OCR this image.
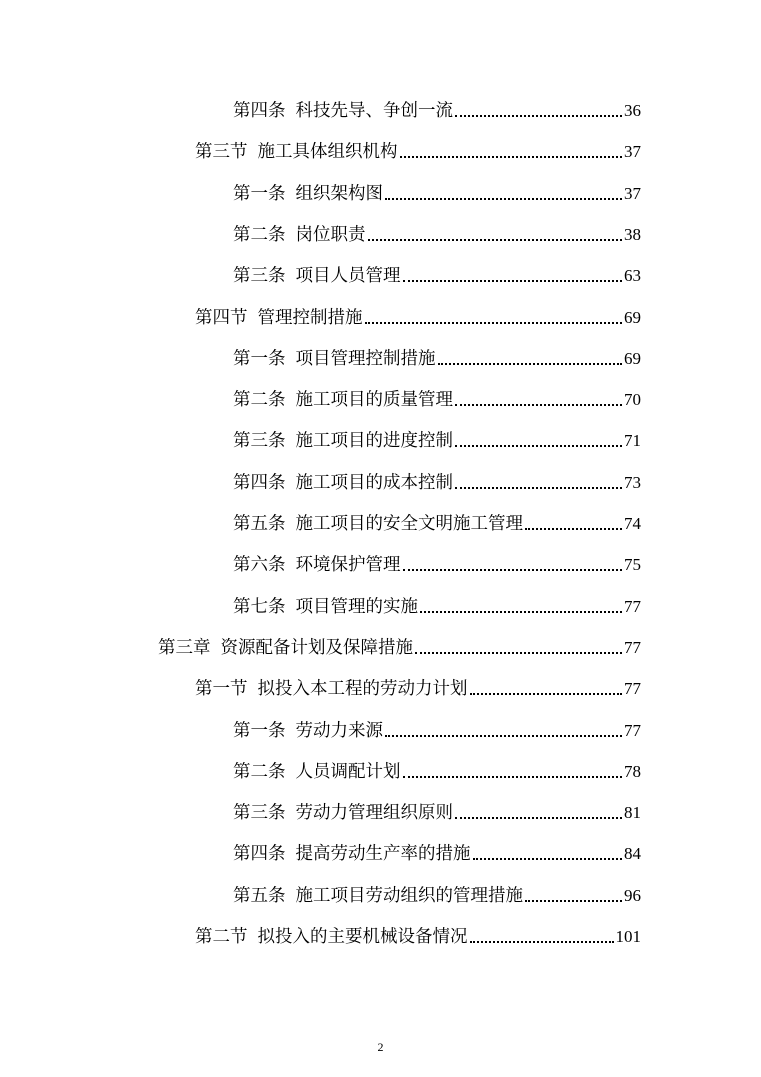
第四条 科技先导、争创一流	36
第三节 施工具体组织机构	37
第一条 组织架构图	37
第二条 岗位职责	38
第三条 项目人员管理	63
第四节 管理控制措施	69
第一条 项目管理控制措施	69
第二条 施工项目的质量管理	70
第三条 施工项目的进度控制	71
第四条 施工项目的成本控制	73
第五条 施工项目的安全文明施工管理	74
第六条 环境保护管理	75
第七条 项目管理的实施	77
第三章 资源配备计划及保障措施	77
第一节 拟投入本工程的劳动力计划	77
第一条 劳动力来源	77
第二条 人员调配计划	78
第三条 劳动力管理组织原则	81
第四条 提高劳动生产率的措施	84
第五条 施工项目劳动组织的管理措施	96
第二节 拟投入的主要机械设备情况	101
2
